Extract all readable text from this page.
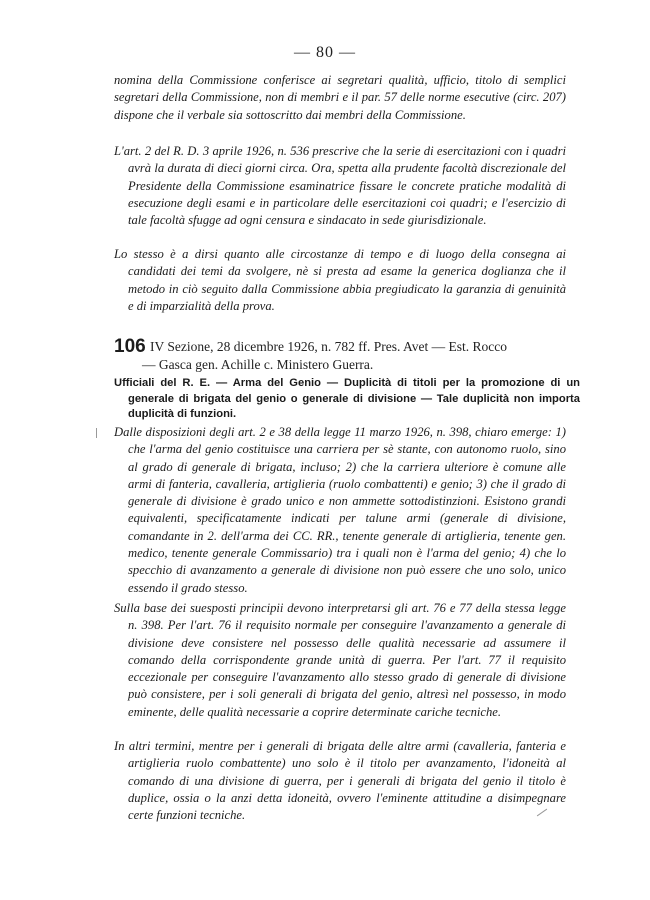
— 80 —

nomina della Commissione conferisce ai segretari qualità, ufficio, titolo di semplici segretari della Commissione, non di membri e il par. 57 delle norme esecutive (circ. 207) dispone che il verbale sia sottoscritto dai membri della Commissione.

L'art. 2 del R. D. 3 aprile 1926, n. 536 prescrive che la serie di esercitazioni con i quadri avrà la durata di dieci giorni circa. Ora, spetta alla prudente facoltà discrezionale del Presidente della Commissione esaminatrice fissare le concrete pratiche modalità di esecuzione degli esami e in particolare delle esercitazioni coi quadri; e l'esercizio di tale facoltà sfugge ad ogni censura e sindacato in sede giurisdizionale.

Lo stesso è a dirsi quanto alle circostanze di tempo e di luogo della consegna ai candidati dei temi da svolgere, nè si presta ad esame la generica doglianza che il metodo in ciò seguito dalla Commissione abbia pregiudicato la garanzia di genuinità e di imparzialità della prova.

106 IV Sezione, 28 dicembre 1926, n. 782 ff. Pres. Avet — Est. Rocco
— Gasca gen. Achille c. Ministero Guerra.

Ufficiali del R. E. — Arma del Genio — Duplicità di titoli per la promozione di un generale di brigata del genio o generale di divisione — Tale duplicità non importa duplicità di funzioni.

Dalle disposizioni degli art. 2 e 38 della legge 11 marzo 1926, n. 398, chiaro emerge: 1) che l'arma del genio costituisce una carriera per sè stante, con autonomo ruolo, sino al grado di generale di brigata, incluso; 2) che la carriera ulteriore è comune alle armi di fanteria, cavalleria, artiglieria (ruolo combattenti) e genio; 3) che il grado di generale di divisione è grado unico e non ammette sottodistinzioni. Esistono grandi equivalenti, specificatamente indicati per talune armi (generale di divisione, comandante in 2. dell'arma dei CC. RR., tenente generale di artiglieria, tenente gen. medico, tenente generale Commissario) tra i quali non è l'arma del genio; 4) che lo specchio di avanzamento a generale di divisione non può essere che uno solo, unico essendo il grado stesso.

Sulla base dei suesposti principii devono interpretarsi gli art. 76 e 77 della stessa legge n. 398. Per l'art. 76 il requisito normale per conseguire l'avanzamento a generale di divisione deve consistere nel possesso delle qualità necessarie ad assumere il comando della corrispondente grande unità di guerra. Per l'art. 77 il requisito eccezionale per conseguire l'avanzamento allo stesso grado di generale di divisione può consistere, per i soli generali di brigata del genio, altresì nel possesso, in modo eminente, delle qualità necessarie a coprire determinate cariche tecniche.

In altri termini, mentre per i generali di brigata delle altre armi (cavalleria, fanteria e artiglieria ruolo combattente) uno solo è il titolo per avanzamento, l'idoneità al comando di una divisione di guerra, per i generali di brigata del genio il titolo è duplice, ossia o la anzi detta idoneità, ovvero l'eminente attitudine a disimpegnare certe funzioni tecniche.
